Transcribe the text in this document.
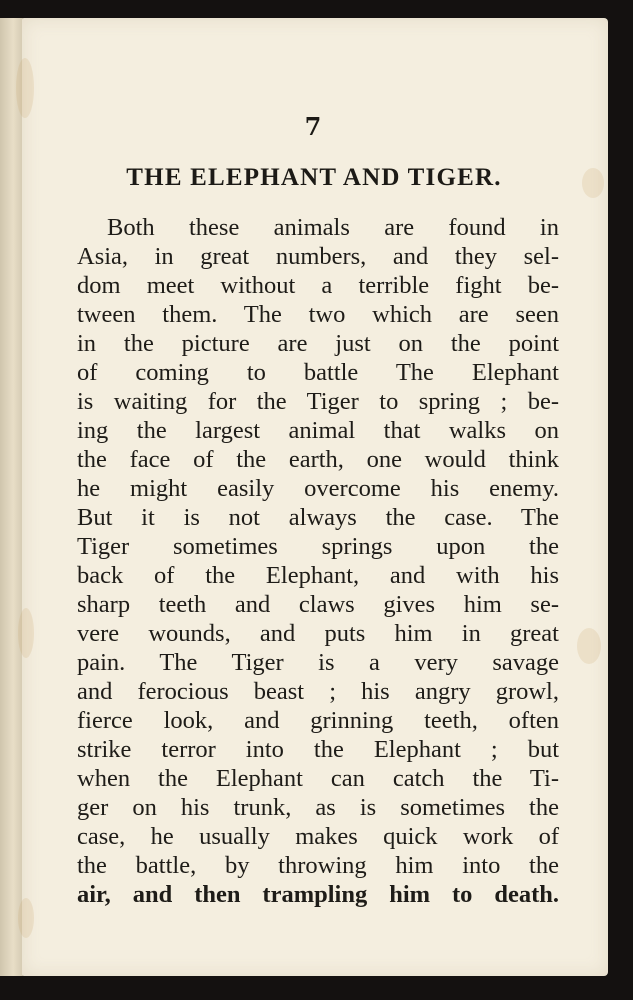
7
THE ELEPHANT AND TIGER.
Both these animals are found in
Asia, in great numbers, and they sel-
dom meet without a terrible fight be-
tween them. The two which are seen
in the picture are just on the point
of coming to battle The Elephant
is waiting for the Tiger to spring ; be-
ing the largest animal that walks on
the face of the earth, one would think
he might easily overcome his enemy.
But it is not always the case. The
Tiger sometimes springs upon the
back of the Elephant, and with his
sharp teeth and claws gives him se-
vere wounds, and puts him in great
pain. The Tiger is a very savage
and ferocious beast ; his angry growl,
fierce look, and grinning teeth, often
strike terror into the Elephant ; but
when the Elephant can catch the Ti-
ger on his trunk, as is sometimes the
case, he usually makes quick work of
the battle, by throwing him into the
air, and then trampling him to death.
